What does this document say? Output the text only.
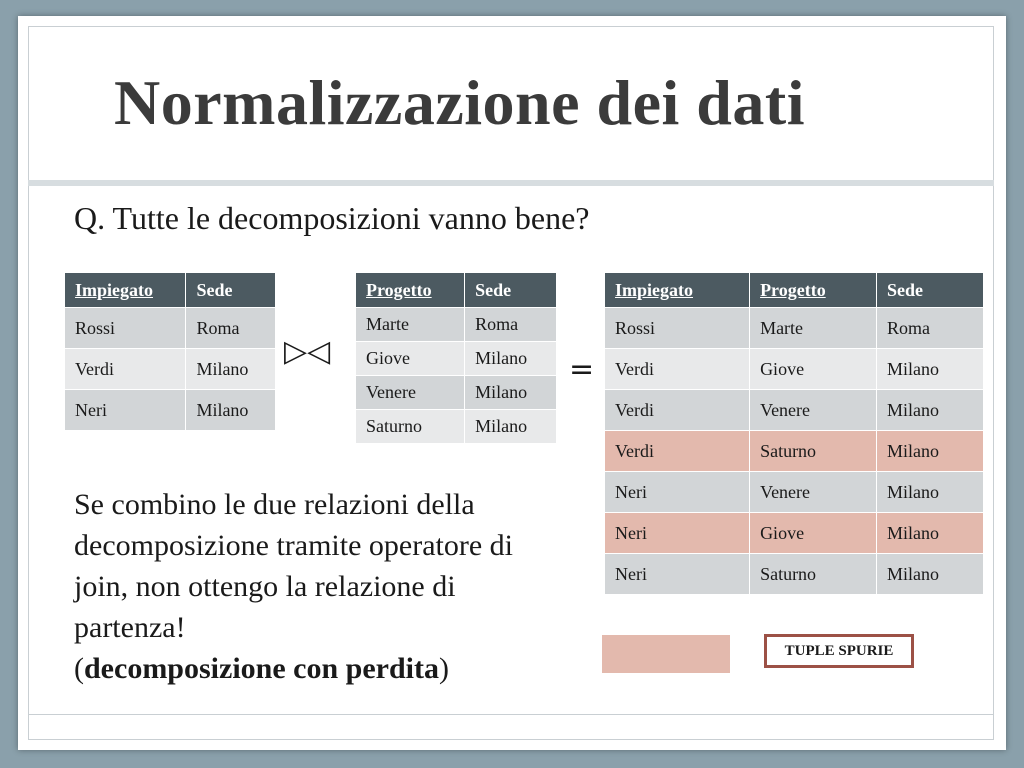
Normalizzazione dei dati
Q. Tutte le decomposizioni vanno bene?
Impiegato	Sede
Rossi	Roma
Verdi	Milano
Neri	Milano
▷◁
Progetto	Sede
Marte	Roma
Giove	Milano
Venere	Milano
Saturno	Milano
=
Impiegato	Progetto	Sede
Rossi	Marte	Roma
Verdi	Giove	Milano
Verdi	Venere	Milano
Verdi	Saturno	Milano
Neri	Venere	Milano
Neri	Giove	Milano
Neri	Saturno	Milano
Se combino le due relazioni della decomposizione tramite operatore di join, non ottengo la relazione di partenza!
(decomposizione con perdita)
TUPLE SPURIE
